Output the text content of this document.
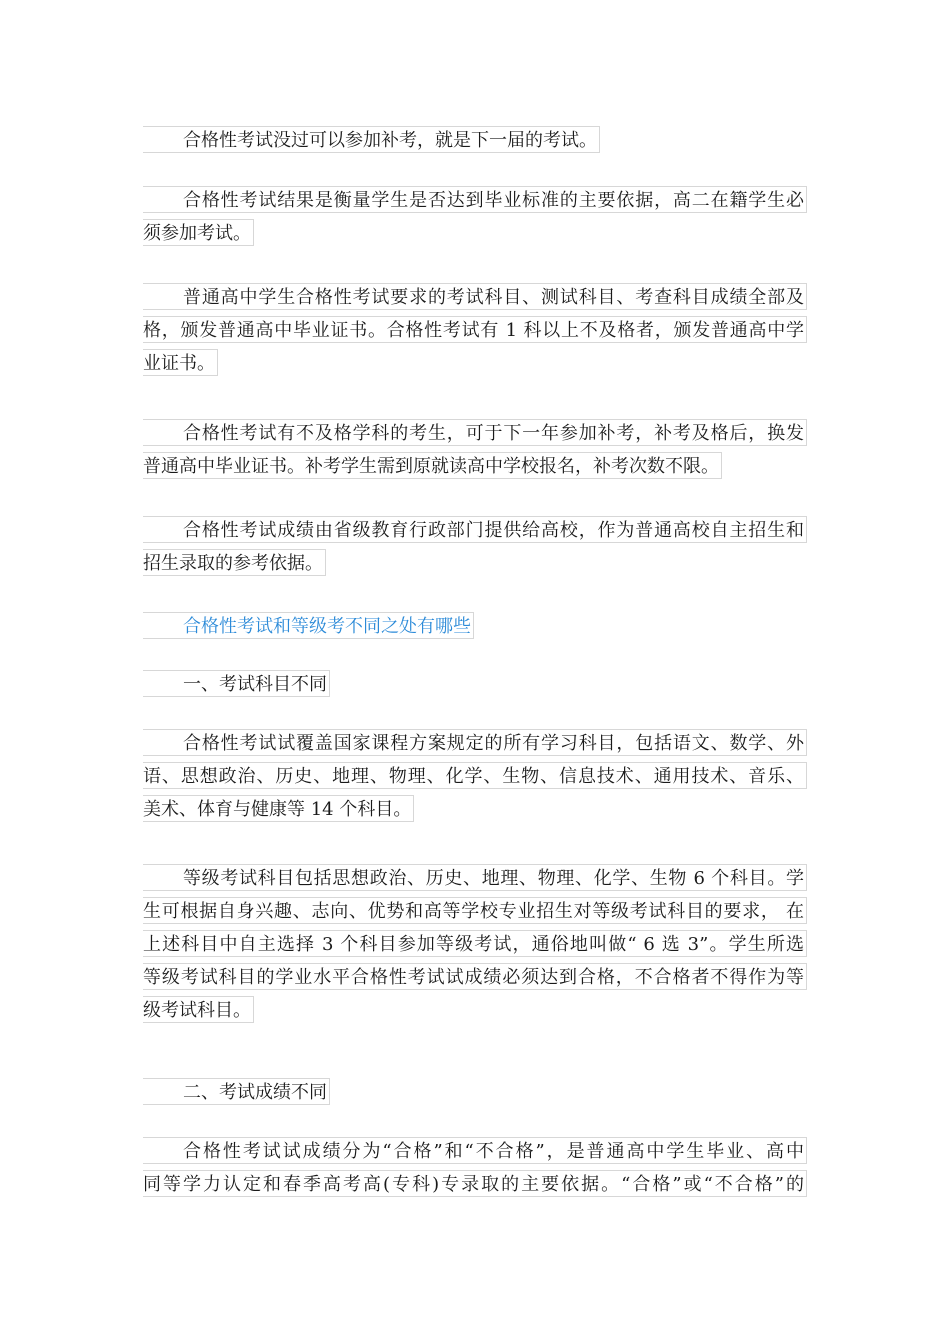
合格性考试没过可以参加补考，就是下一届的考试。
合格性考试结果是衡量学生是否达到毕业标准的主要依据，高二在籍学生必
须参加考试。
普通高中学生合格性考试要求的考试科目、测试科目、考查科目成绩全部及
格，颁发普通高中毕业证书。合格性考试有 1 科以上不及格者，颁发普通高中学
业证书。
合格性考试有不及格学科的考生，可于下一年参加补考，补考及格后，换发
普通高中毕业证书。补考学生需到原就读高中学校报名，补考次数不限。
合格性考试成绩由省级教育行政部门提供给高校，作为普通高校自主招生和
招生录取的参考依据。
合格性考试和等级考不同之处有哪些
一、考试科目不同
合格性考试试覆盖国家课程方案规定的所有学习科目，包括语文、数学、外
语、思想政治、历史、地理、物理、化学、生物、信息技术、通用技术、音乐、
美术、体育与健康等 14 个科目。
等级考试科目包括思想政治、历史、地理、物理、化学、生物 6 个科目。学
生可根据自身兴趣、志向、优势和高等学校专业招生对等级考试科目的要求， 在
上述科目中自主选择 3 个科目参加等级考试，通俗地叫做“ 6 选 3”。学生所选
等级考试科目的学业水平合格性考试试成绩必须达到合格，不合格者不得作为等
级考试科目。
二、考试成绩不同
合格性考试试成绩分为“合格”和“不合格”，是普通高中学生毕业、高中
同等学力认定和春季高考高(专科)专录取的主要依据。“合格”或“不合格”的
